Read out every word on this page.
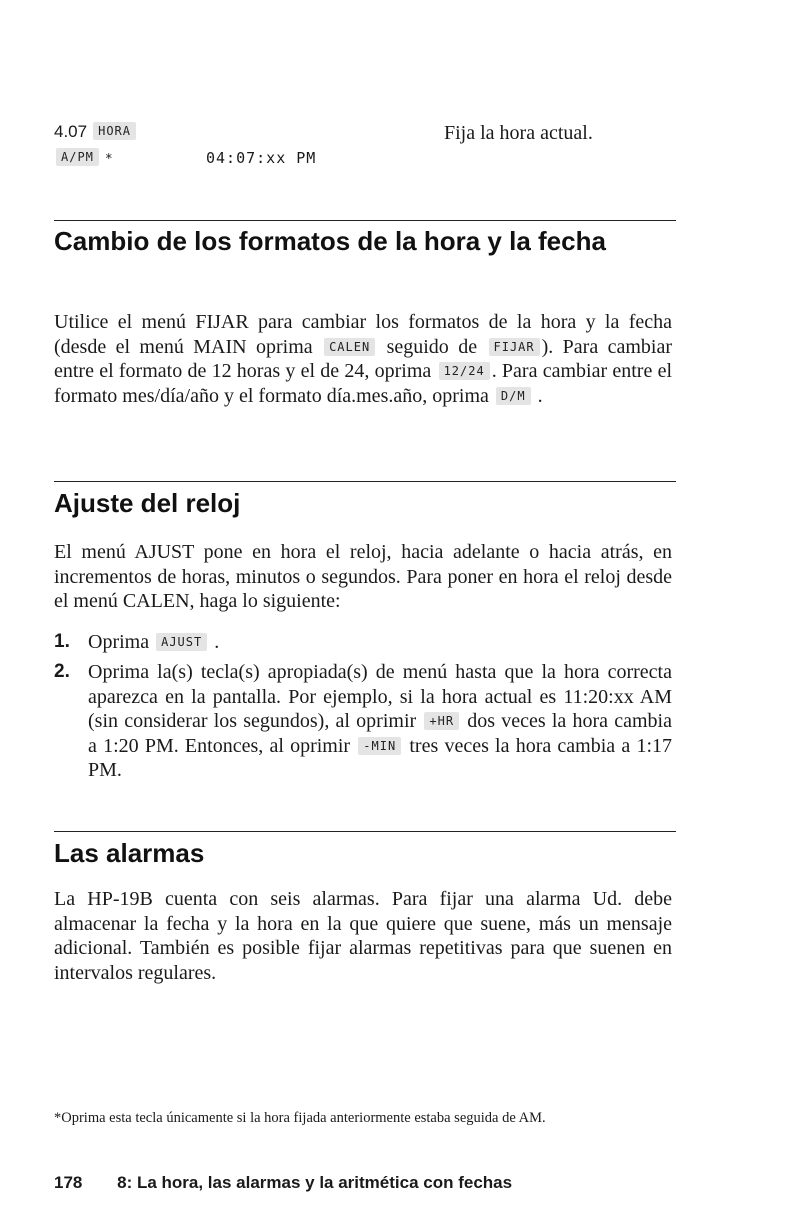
4.07 HORA	Fija la hora actual.
A/PM *	04:07:xx PM
Cambio de los formatos de la hora y la fecha
Utilice el menú FIJAR para cambiar los formatos de la hora y la fecha (desde el menú MAIN oprima CALEN seguido de FIJAR ). Para cambiar entre el formato de 12 horas y el de 24, oprima 12/24 . Para cambiar entre el formato mes/día/año y el formato día.mes.año, oprima D/M .
Ajuste del reloj
El menú AJUST pone en hora el reloj, hacia adelante o hacia atrás, en incrementos de horas, minutos o segundos. Para poner en hora el reloj desde el menú CALEN, haga lo siguiente:
1. Oprima AJUST .
2. Oprima la(s) tecla(s) apropiada(s) de menú hasta que la hora correcta aparezca en la pantalla. Por ejemplo, si la hora actual es 11:20:xx AM (sin considerar los segundos), al oprimir +HR dos veces la hora cambia a 1:20 PM. Entonces, al oprimir -MIN tres veces la hora cambia a 1:17 PM.
Las alarmas
La HP-19B cuenta con seis alarmas. Para fijar una alarma Ud. debe almacenar la fecha y la hora en la que quiere que suene, más un mensaje adicional. También es posible fijar alarmas repetitivas para que suenen en intervalos regulares.
*Oprima esta tecla únicamente si la hora fijada anteriormente estaba seguida de AM.
178 8: La hora, las alarmas y la aritmética con fechas
